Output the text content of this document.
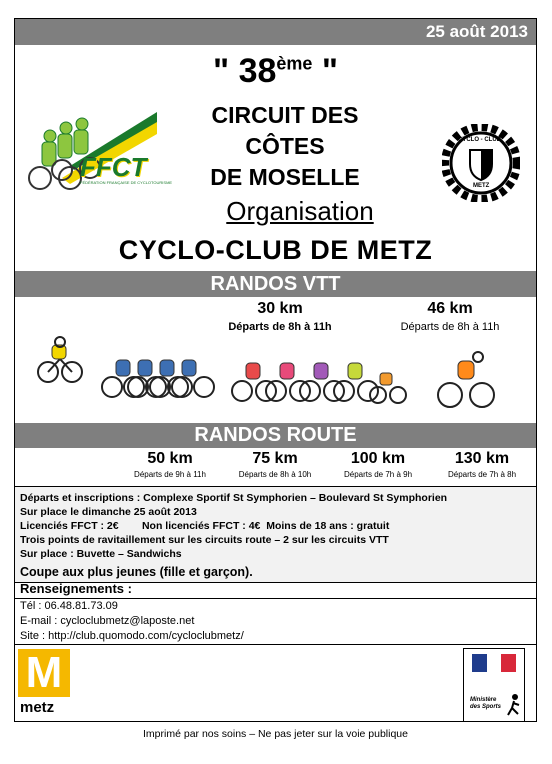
25 août 2013
" 38ème "
CIRCUIT DES
CÔTES
DE MOSELLE
Organisation
CYCLO-CLUB DE METZ
FFCT
FÉDÉRATION FRANÇAISE DE CYCLOTOURISME
CYCLO - CLUB
METZ
RANDOS VTT
30 km
Départs de 8h à 11h
46 km
Départs de 8h à 11h
RANDOS ROUTE
50 km
Départs de 9h à 11h
75 km
Départs de 8h à 10h
100 km
Départs de 7h à 9h
130 km
Départs de 7h à 8h
Départs et inscriptions : Complexe Sportif St Symphorien – Boulevard St Symphorien
Sur place le dimanche 25 août 2013
Licenciés FFCT : 2€        Non licenciés FFCT : 4€  Moins de 18 ans : gratuit
Trois points de ravitaillement sur les circuits route – 2 sur les circuits VTT
Sur place : Buvette – Sandwichs
Coupe aux plus jeunes (fille et garçon).
Renseignements :
Tél : 06.48.81.73.09
E-mail : cycloclubmetz@laposte.net
Site : http://club.quomodo.com/cycloclubmetz/
M
metz	Ministère des Sports
Imprimé par nos soins – Ne pas jeter sur la voie publique
